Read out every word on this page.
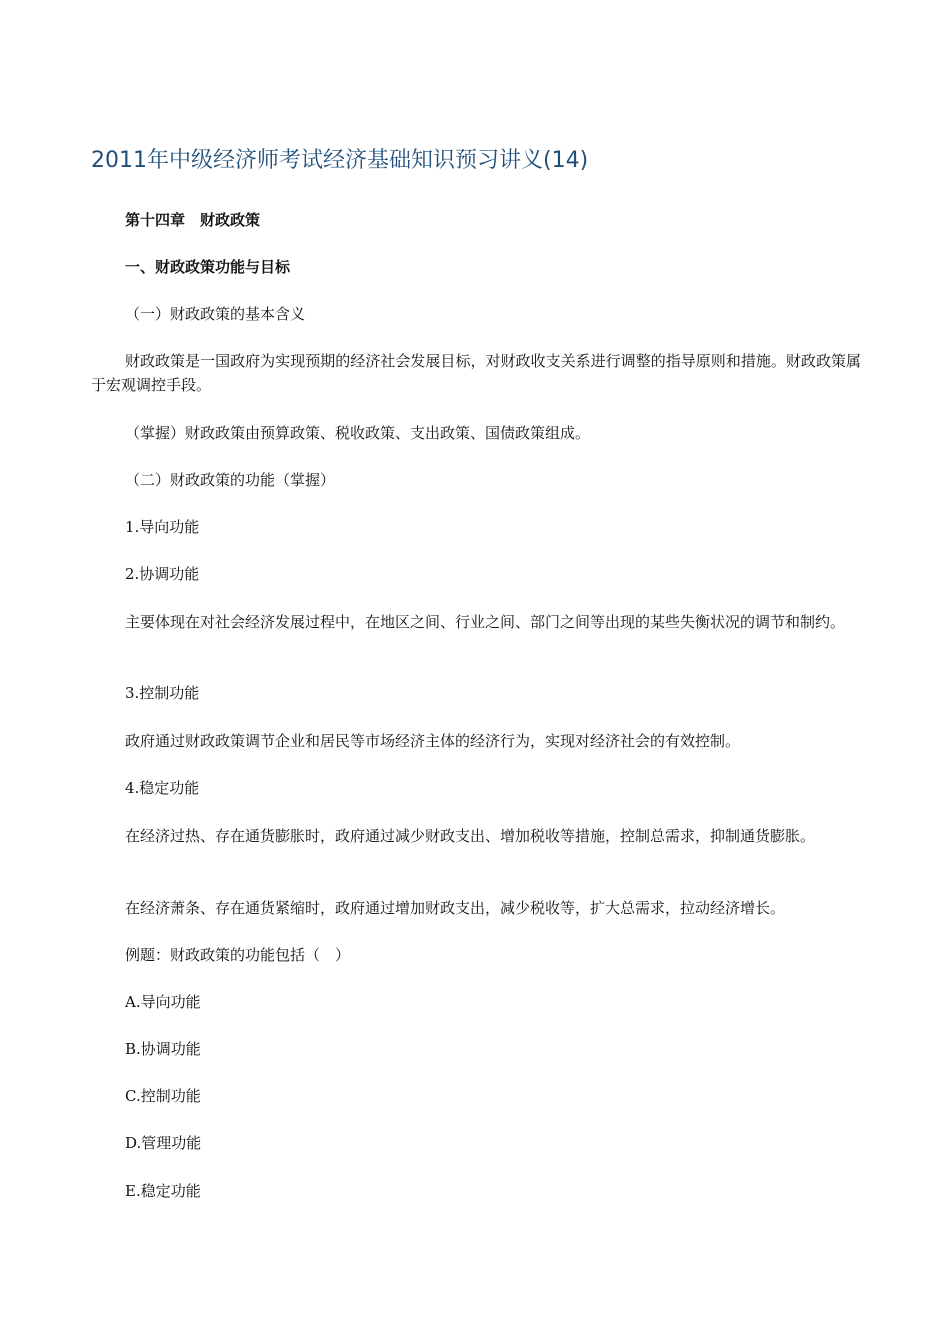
2011年中级经济师考试经济基础知识预习讲义(14)
第十四章　财政政策
一、财政政策功能与目标
（一）财政政策的基本含义
财政政策是一国政府为实现预期的经济社会发展目标，对财政收支关系进行调整的指导原则和措施。财政政策属于宏观调控手段。
（掌握）财政政策由预算政策、税收政策、支出政策、国债政策组成。
（二）财政政策的功能（掌握）
1.导向功能
2.协调功能
主要体现在对社会经济发展过程中，在地区之间、行业之间、部门之间等出现的某些失衡状况的调节和制约。
3.控制功能
政府通过财政政策调节企业和居民等市场经济主体的经济行为，实现对经济社会的有效控制。
4.稳定功能
在经济过热、存在通货膨胀时，政府通过减少财政支出、增加税收等措施，控制总需求，抑制通货膨胀。
在经济萧条、存在通货紧缩时，政府通过增加财政支出，减少税收等，扩大总需求，拉动经济增长。
例题：财政政策的功能包括（　）
A.导向功能
B.协调功能
C.控制功能
D.管理功能
E.稳定功能
